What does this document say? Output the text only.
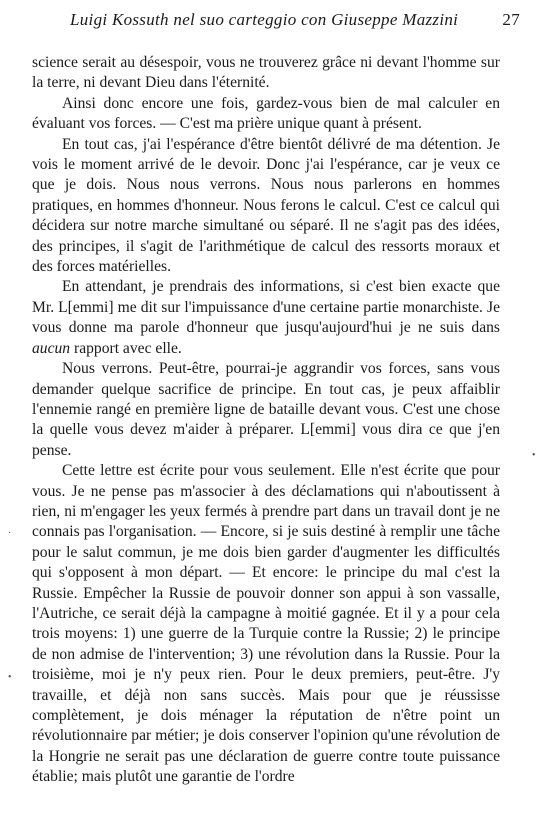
Luigi Kossuth nel suo carteggio con Giuseppe Mazzini	27

science serait au désespoir, vous ne trouverez grâce ni devant l'homme sur la terre, ni devant Dieu dans l'éternité.

Ainsi donc encore une fois, gardez-vous bien de mal calculer en évaluant vos forces. — C'est ma prière unique quant à présent.

En tout cas, j'ai l'espérance d'être bientôt délivré de ma détention. Je vois le moment arrivé de le devoir. Donc j'ai l'espérance, car je veux ce que je dois. Nous nous verrons. Nous nous parlerons en hommes pratiques, en hommes d'honneur. Nous ferons le calcul. C'est ce calcul qui décidera sur notre marche simultané ou séparé. Il ne s'agit pas des idées, des principes, il s'agit de l'arithmétique de calcul des ressorts moraux et des forces matérielles.

En attendant, je prendrais des informations, si c'est bien exacte que Mr. L[emmi] me dit sur l'impuissance d'une certaine partie monarchiste. Je vous donne ma parole d'honneur que jusqu'aujourd'hui je ne suis dans aucun rapport avec elle.

Nous verrons. Peut-être, pourrai-je aggrandir vos forces, sans vous demander quelque sacrifice de principe. En tout cas, je peux affaiblir l'ennemie rangé en première ligne de bataille devant vous. C'est une chose la quelle vous devez m'aider à préparer. L[emmi] vous dira ce que j'en pense.

Cette lettre est écrite pour vous seulement. Elle n'est écrite que pour vous. Je ne pense pas m'associer à des déclamations qui n'aboutissent à rien, ni m'engager les yeux fermés à prendre part dans un travail dont je ne connais pas l'organisation. — Encore, si je suis destiné à remplir une tâche pour le salut commun, je me dois bien garder d'augmenter les difficultés qui s'opposent à mon départ. — Et encore: le principe du mal c'est la Russie. Empêcher la Russie de pouvoir donner son appui à son vassalle, l'Autriche, ce serait déjà la campagne à moitié gagnée. Et il y a pour cela trois moyens: 1) une guerre de la Turquie contre la Russie; 2) le principe de non admise de l'intervention; 3) une révolution dans la Russie. Pour la troisième, moi je n'y peux rien. Pour le deux premiers, peut-être. J'y travaille, et déjà non sans succès. Mais pour que je réussisse complètement, je dois ménager la réputation de n'être point un révolutionnaire par métier; je dois conserver l'opinion qu'une révolution de la Hongrie ne serait pas une déclaration de guerre contre toute puissance établie; mais plutôt une garantie de l'ordre

•
·
•
